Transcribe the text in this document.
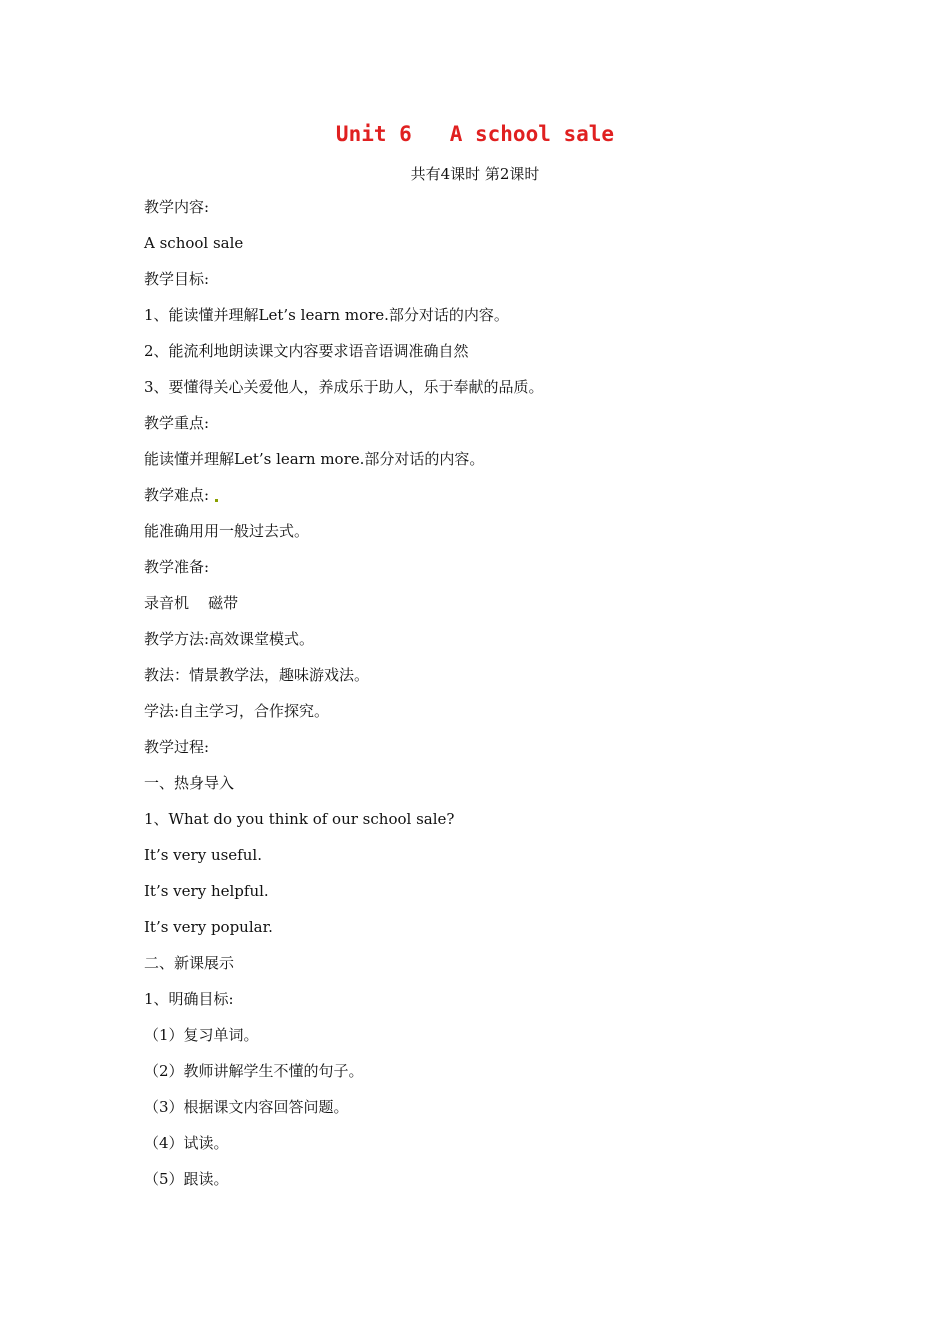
Unit 6   A school sale

共有4课时 第2课时

教学内容:

A school sale

教学目标:

1、能读懂并理解Let’s learn more.部分对话的内容。

2、能流利地朗读课文内容要求语音语调准确自然

3、要懂得关心关爱他人，养成乐于助人，乐于奉献的品质。

教学重点:

能读懂并理解Let’s learn more.部分对话的内容。

教学难点:

能准确用用一般过去式。

教学准备:

录音机    磁带

教学方法:高效课堂模式。

教法：情景教学法，趣味游戏法。

学法:自主学习，合作探究。

教学过程:

一、热身导入

1、What do you think of our school sale?

It’s very useful.

It’s very helpful.

It’s very popular.

二、新课展示

1、明确目标:

（1）复习单词。

（2）教师讲解学生不懂的句子。

（3）根据课文内容回答问题。

（4）试读。

（5）跟读。
